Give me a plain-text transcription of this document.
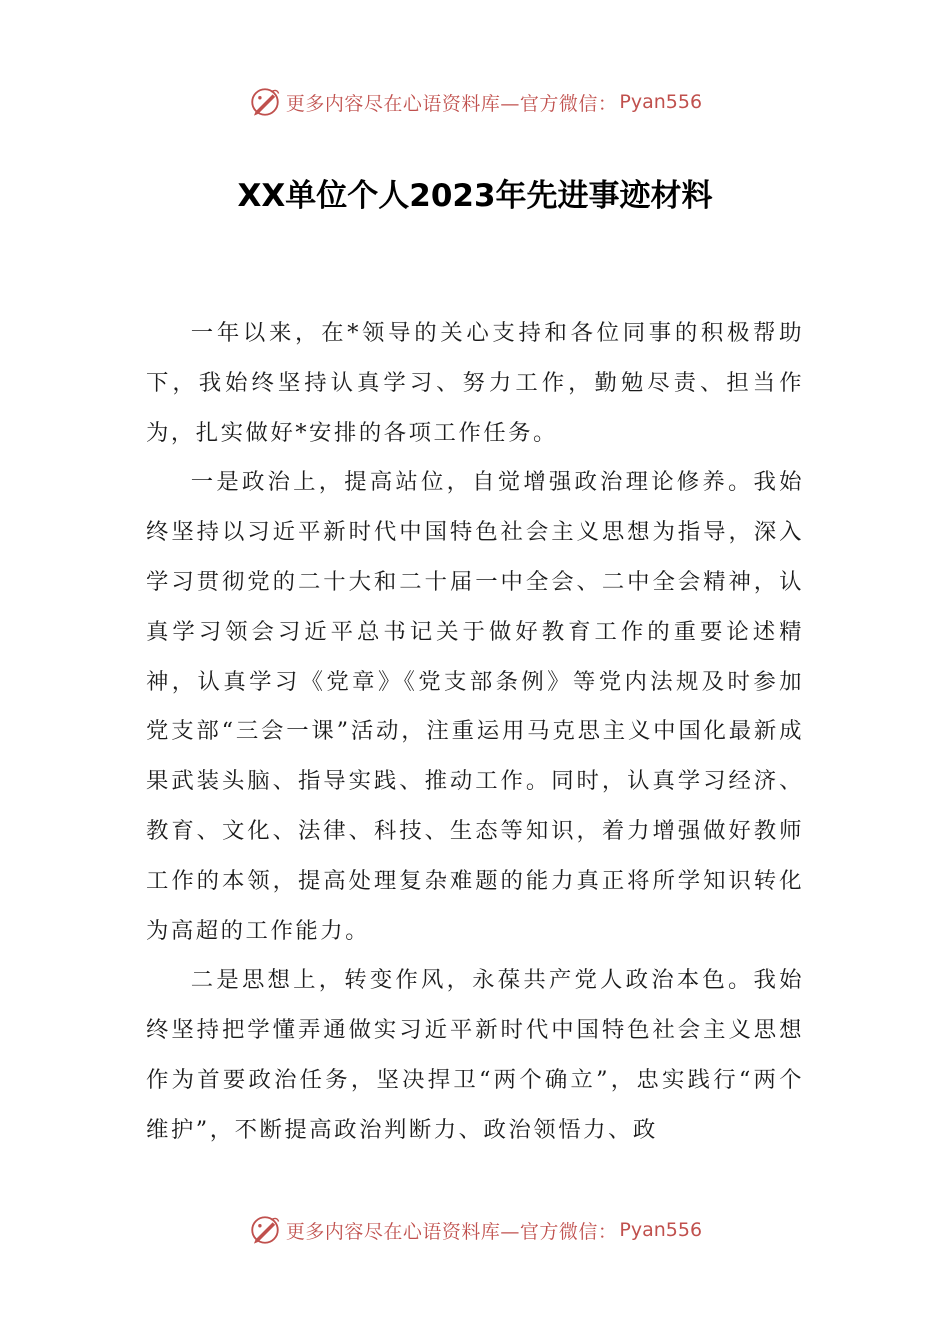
更多内容尽在心语资料库—官方微信： Pyan556
XX单位个人2023年先进事迹材料

一年以来，在*领导的关心支持和各位同事的积极帮助下，我始终坚持认真学习、努力工作，勤勉尽责、担当作为，扎实做好*安排的各项工作任务。

一是政治上，提高站位，自觉增强政治理论修养。我始终坚持以习近平新时代中国特色社会主义思想为指导，深入学习贯彻党的二十大和二十届一中全会、二中全会精神，认真学习领会习近平总书记关于做好教育工作的重要论述精神，认真学习《党章》《党支部条例》等党内法规及时参加党支部“三会一课”活动，注重运用马克思主义中国化最新成果武装头脑、指导实践、推动工作。同时，认真学习经济、教育、文化、法律、科技、生态等知识，着力增强做好教师工作的本领，提高处理复杂难题的能力真正将所学知识转化为高超的工作能力。

二是思想上，转变作风，永葆共产党人政治本色。我始终坚持把学懂弄通做实习近平新时代中国特色社会主义思想作为首要政治任务，坚决捍卫“两个确立”，忠实践行“两个维护”，不断提高政治判断力、政治领悟力、政

更多内容尽在心语资料库—官方微信： Pyan556
